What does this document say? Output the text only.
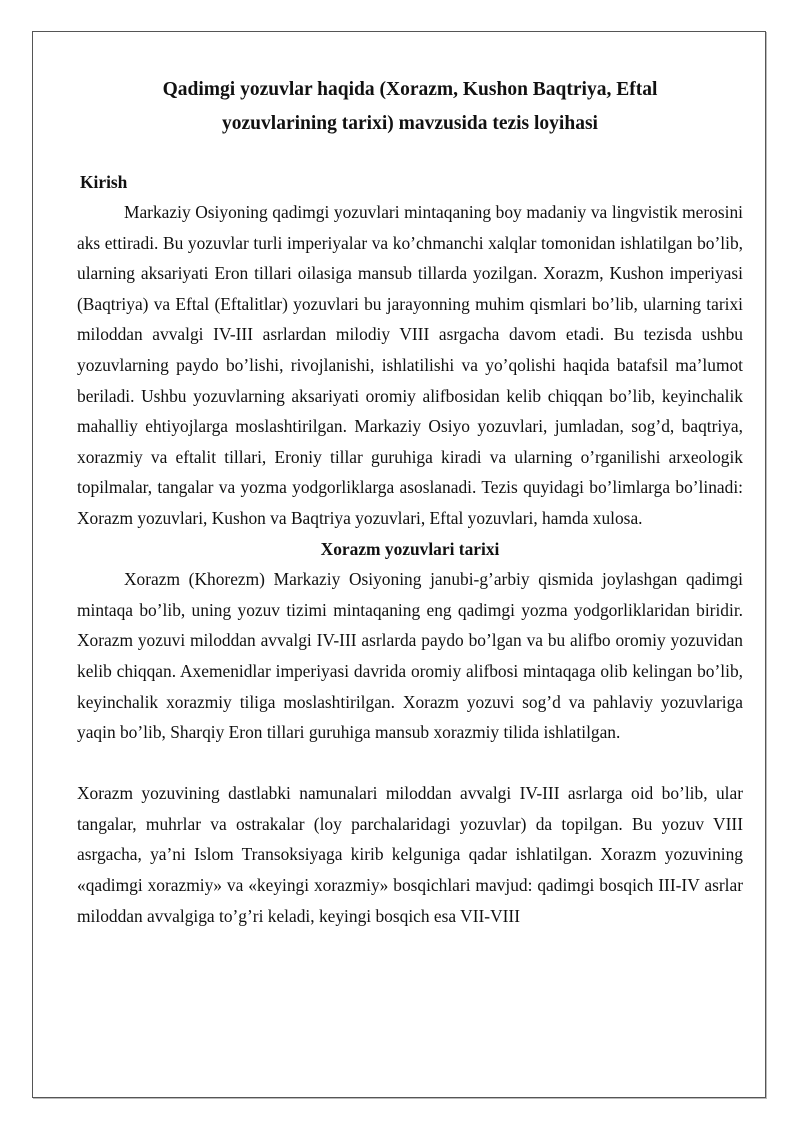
Qadimgi yozuvlar haqida (Xorazm, Kushon Baqtriya, Eftal yozuvlarining tarixi) mavzusida tezis loyihasi
Kirish

Markaziy Osiyoning qadimgi yozuvlari mintaqaning boy madaniy va lingvistik merosini aks ettiradi. Bu yozuvlar turli imperiyalar va ko’chmanchi xalqlar tomonidan ishlatilgan bo’lib, ularning aksariyati Eron tillari oilasiga mansub tillarda yozilgan. Xorazm, Kushon imperiyasi (Baqtriya) va Eftal (Eftalitlar) yozuvlari bu jarayonning muhim qismlari bo’lib, ularning tarixi miloddan avvalgi IV-III asrlardan milodiy VIII asrgacha davom etadi. Bu tezisda ushbu yozuvlarning paydo bo’lishi, rivojlanishi, ishlatilishi va yo’qolishi haqida batafsil ma’lumot beriladi. Ushbu yozuvlarning aksariyati oromiy alifbosidan kelib chiqqan bo’lib, keyinchalik mahalliy ehtiyojlarga moslashtirilgan. Markaziy Osiyo yozuvlari, jumladan, sog’d, baqtriya, xorazmiy va eftalit tillari, Eroniy tillar guruhiga kiradi va ularning o’rganilishi arxeologik topilmalar, tangalar va yozma yodgorliklarga asoslanadi. Tezis quyidagi bo’limlarga bo’linadi: Xorazm yozuvlari, Kushon va Baqtriya yozuvlari, Eftal yozuvlari, hamda xulosa.

Xorazm yozuvlari tarixi

Xorazm (Khorezm) Markaziy Osiyoning janubi-g’arbiy qismida joylashgan qadimgi mintaqa bo’lib, uning yozuv tizimi mintaqaning eng qadimgi yozma yodgorliklaridan biridir. Xorazm yozuvi miloddan avvalgi IV-III asrlarda paydo bo’lgan va bu alifbo oromiy yozuvidan kelib chiqqan. Axemenidlar imperiyasi davrida oromiy alifbosi mintaqaga olib kelingan bo’lib, keyinchalik xorazmiy tiliga moslashtirilgan. Xorazm yozuvi sog’d va pahlaviy yozuvlariga yaqin bo’lib, Sharqiy Eron tillari guruhiga mansub xorazmiy tilida ishlatilgan.

Xorazm yozuvining dastlabki namunalari miloddan avvalgi IV-III asrlarga oid bo’lib, ular tangalar, muhrlar va ostrakalar (loy parchalaridagi yozuvlar) da topilgan. Bu yozuv VIII asrgacha, ya’ni Islom Transoksiyaga kirib kelguniga qadar ishlatilgan. Xorazm yozuvining «qadimgi xorazmiy» va «keyingi xorazmiy» bosqichlari mavjud: qadimgi bosqich III-IV asrlar miloddan avvalgiga to’g’ri keladi, keyingi bosqich esa VII-VIII
